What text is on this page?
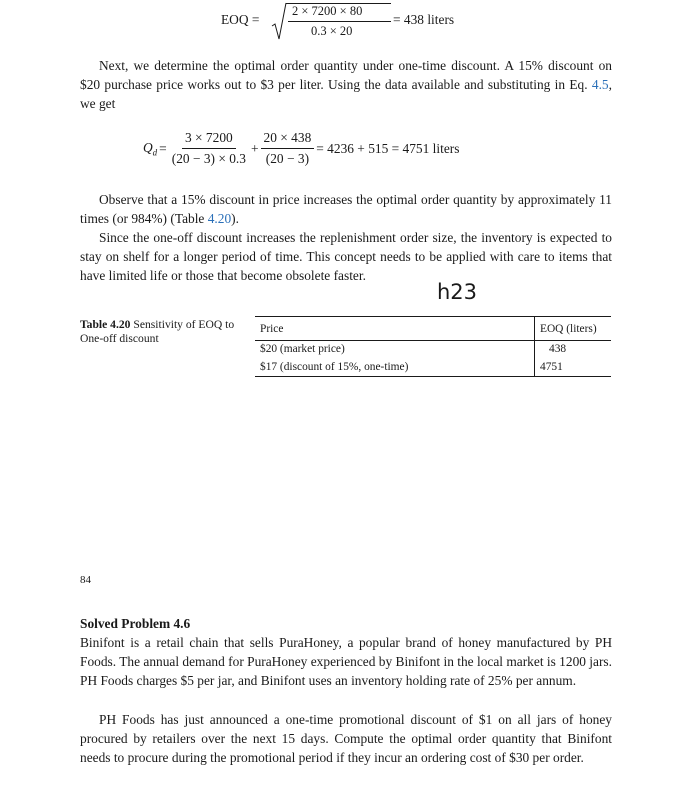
EOQ =
2 × 7200 × 80
0.3 × 20
= 438 liters
Next, we determine the optimal order quantity under one-time discount. A 15% discount on $20 purchase price works out to $3 per liter. Using the data available and substituting in Eq. 4.5, we get
$Q_d = \frac{3 \times 7200}{(20 - 3) \times 0.3} + \frac{20 \times 438}{(20 - 3)} = 4236 + 515 = 4751$ liters
Observe that a 15% discount in price increases the optimal order quantity by approximately 11 times (or 984%) (Table 4.20).
Since the one-off discount increases the replenishment order size, the inventory is expected to stay on shelf for a longer period of time. This concept needs to be applied with care to items that have limited life or those that become obsolete faster.
h23
Table 4.20 Sensitivity of EOQ to One-off discount
Price	EOQ (liters)
$20 (market price)	438
$17 (discount of 15%, one-time)	4751
84
Solved Problem 4.6
Binifont is a retail chain that sells PuraHoney, a popular brand of honey manufactured by PH Foods. The annual demand for PuraHoney experienced by Binifont in the local market is 1200 jars. PH Foods charges $5 per jar, and Binifont uses an inventory holding rate of 25% per annum.
PH Foods has just announced a one-time promotional discount of $1 on all jars of honey procured by retailers over the next 15 days. Compute the optimal order quantity that Binifont needs to procure during the promotional period if they incur an ordering cost of $30 per order.
